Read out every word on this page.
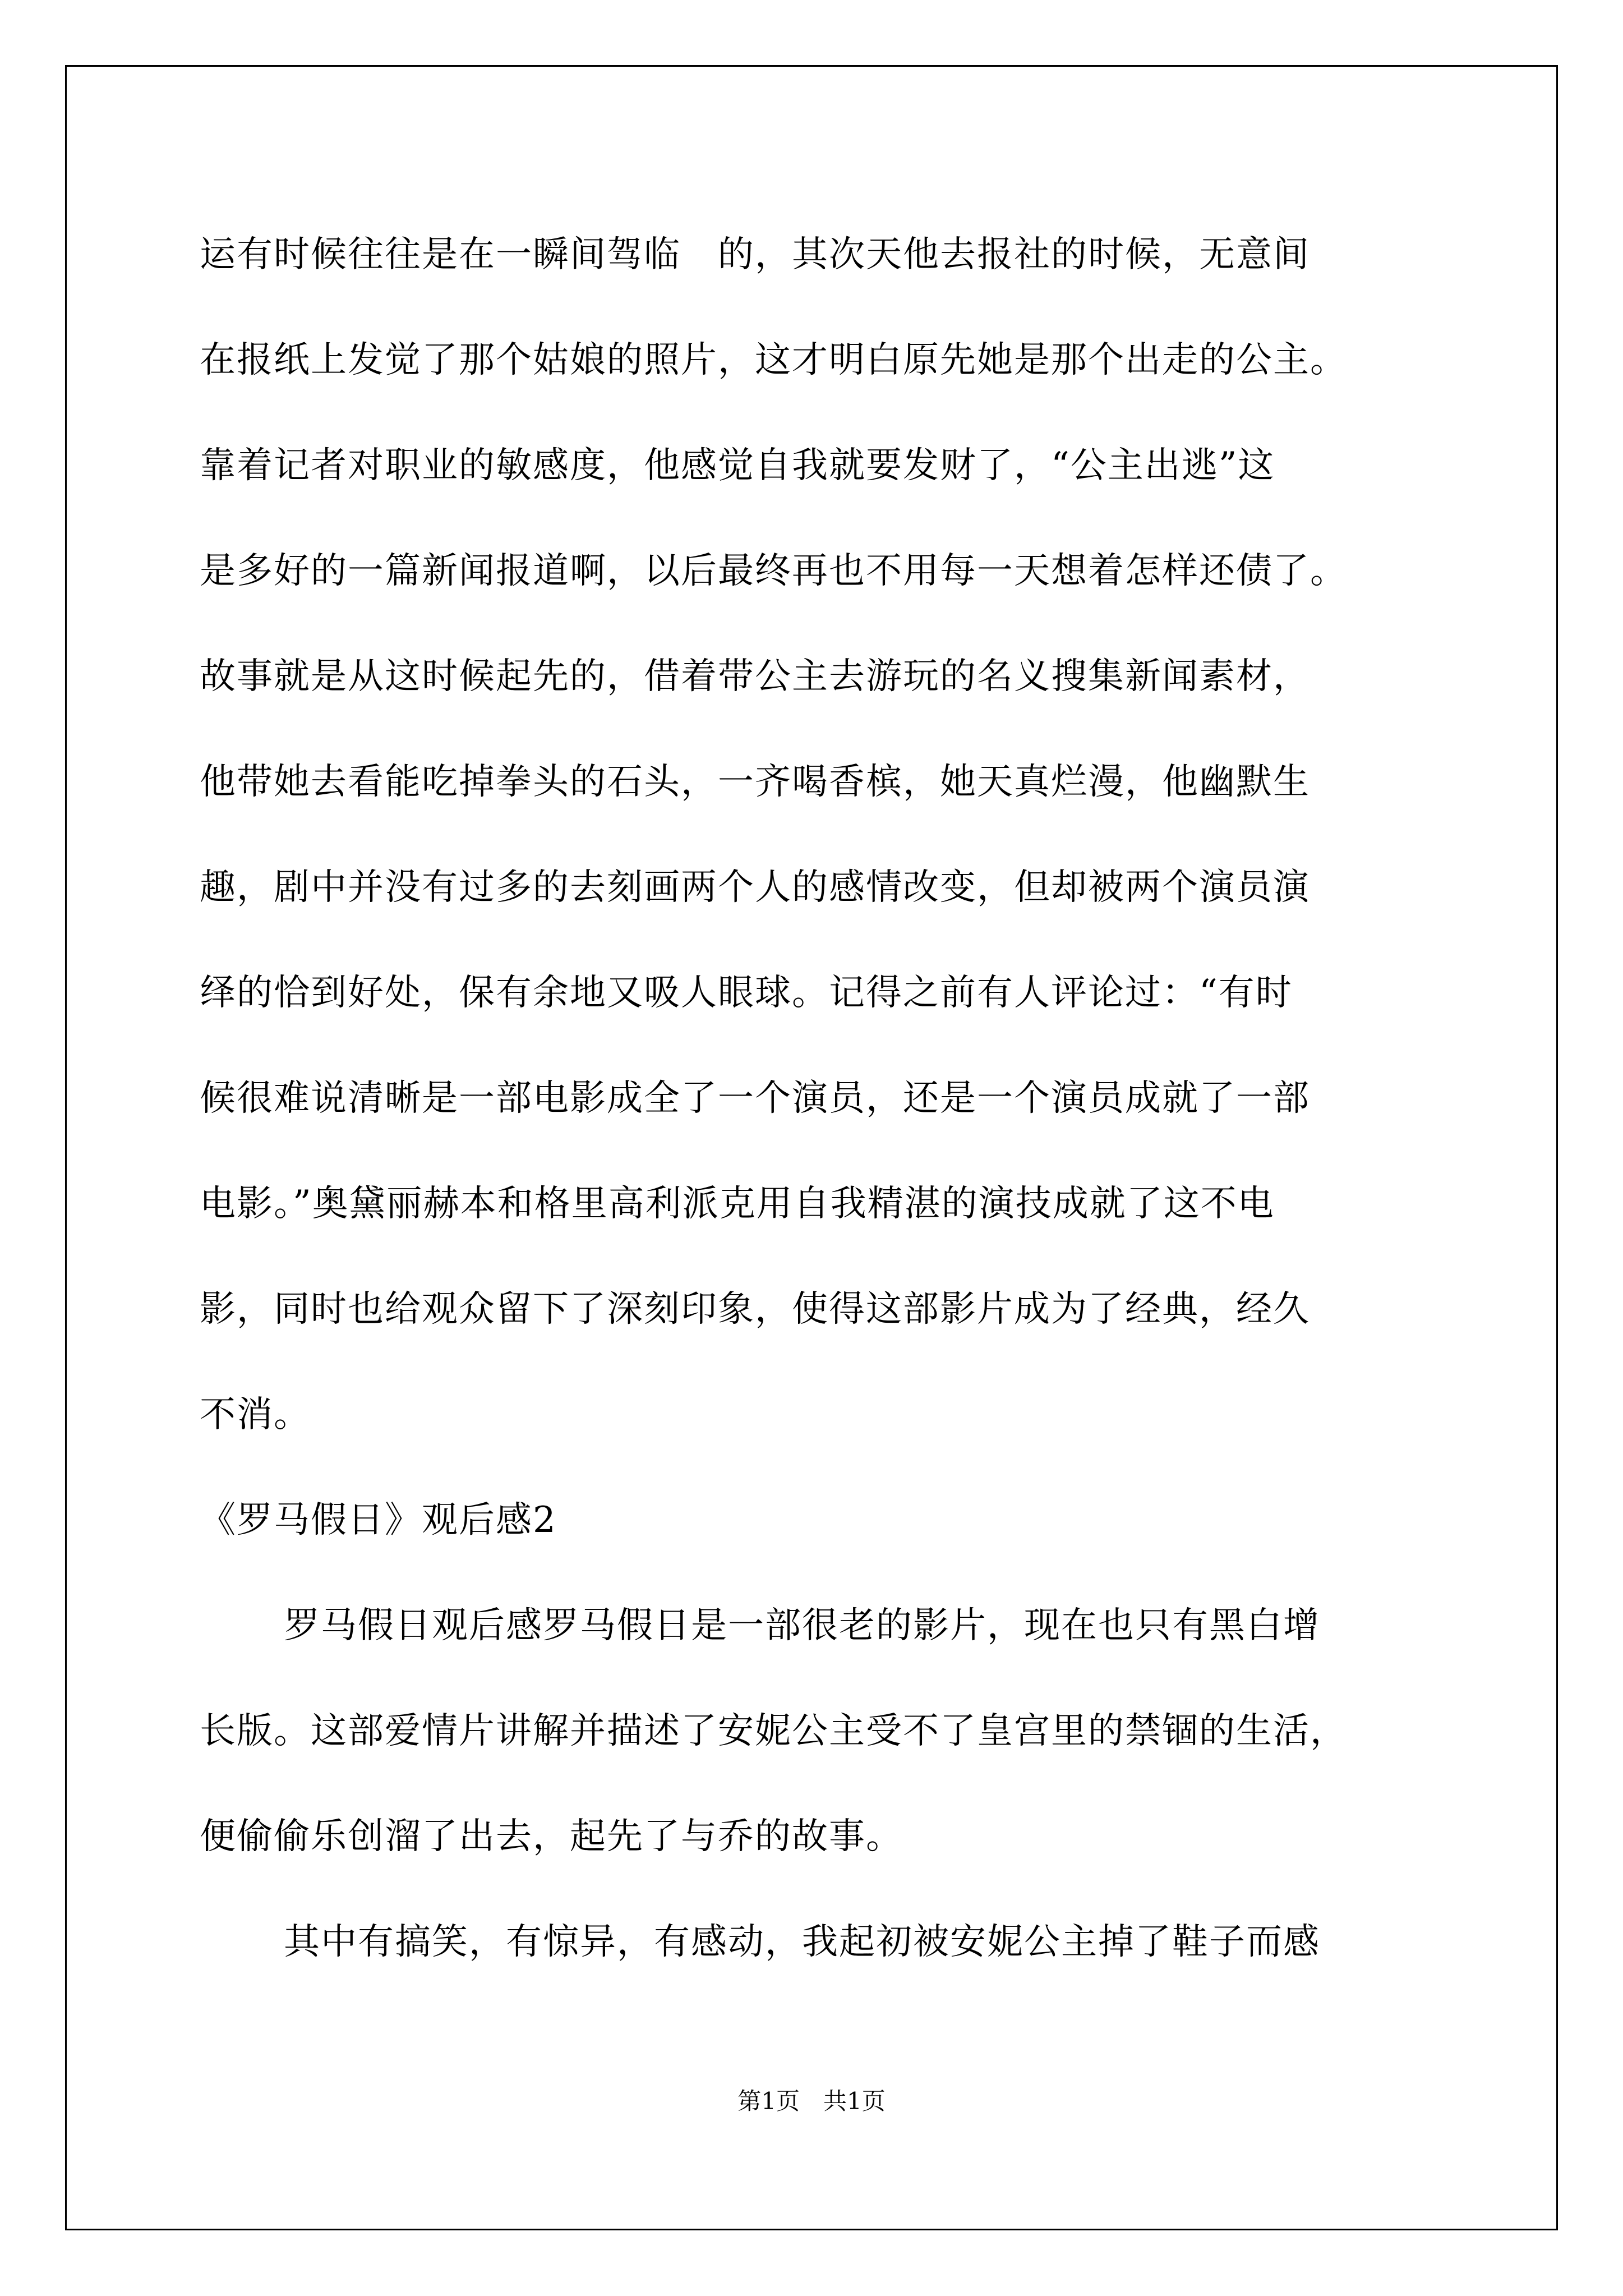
运有时候往往是在一瞬间驾临　的，其次天他去报社的时候，无意间
在报纸上发觉了那个姑娘的照片，这才明白原先她是那个出走的公主。
靠着记者对职业的敏感度，他感觉自我就要发财了，“公主出逃”这
是多好的一篇新闻报道啊，以后最终再也不用每一天想着怎样还债了。
故事就是从这时候起先的，借着带公主去游玩的名义搜集新闻素材，
他带她去看能吃掉拳头的石头，一齐喝香槟，她天真烂漫，他幽默生
趣，剧中并没有过多的去刻画两个人的感情改变，但却被两个演员演
绎的恰到好处，保有余地又吸人眼球。记得之前有人评论过：“有时
候很难说清晰是一部电影成全了一个演员，还是一个演员成就了一部
电影。”奥黛丽赫本和格里高利派克用自我精湛的演技成就了这不电
影，同时也给观众留下了深刻印象，使得这部影片成为了经典，经久
不消。
《罗马假日》观后感2
罗马假日观后感罗马假日是一部很老的影片，现在也只有黑白增
长版。这部爱情片讲解并描述了安妮公主受不了皇宫里的禁锢的生活，
便偷偷乐创溜了出去，起先了与乔的故事。
其中有搞笑，有惊异，有感动，我起初被安妮公主掉了鞋子而感
第1页　共1页
